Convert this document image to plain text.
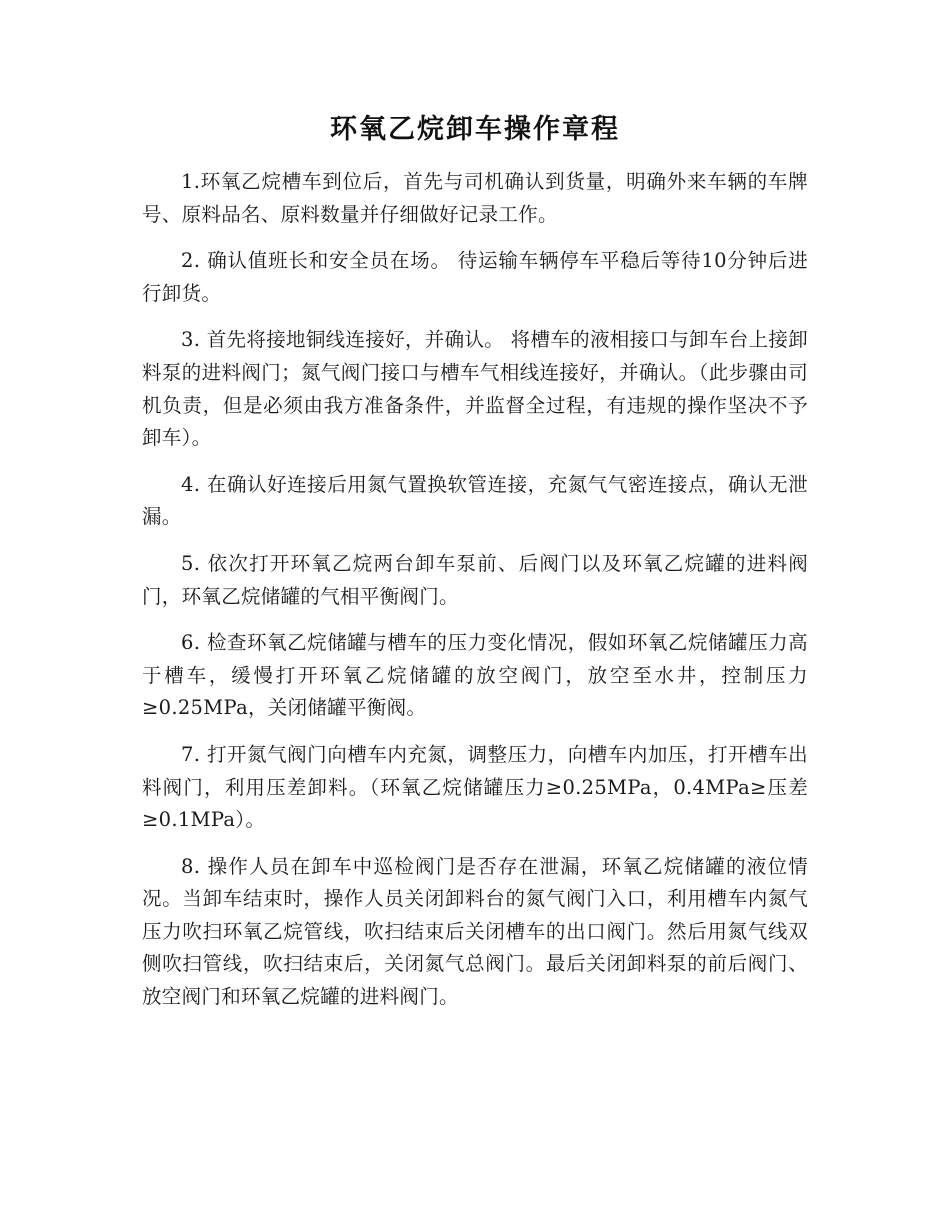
环氧乙烷卸车操作章程

1.环氧乙烷槽车到位后，首先与司机确认到货量，明确外来车辆的车牌号、原料品名、原料数量并仔细做好记录工作。

2. 确认值班长和安全员在场。 待运输车辆停车平稳后等待10分钟后进行卸货。

3. 首先将接地铜线连接好，并确认。 将槽车的液相接口与卸车台上接卸料泵的进料阀门；氮气阀门接口与槽车气相线连接好，并确认。（此步骤由司机负责，但是必须由我方准备条件，并监督全过程，有违规的操作坚决不予卸车）。

4. 在确认好连接后用氮气置换软管连接，充氮气气密连接点，确认无泄漏。

5. 依次打开环氧乙烷两台卸车泵前、后阀门以及环氧乙烷罐的进料阀门，环氧乙烷储罐的气相平衡阀门。

6. 检查环氧乙烷储罐与槽车的压力变化情况，假如环氧乙烷储罐压力高于槽车，缓慢打开环氧乙烷储罐的放空阀门，放空至水井，控制压力≥0.25MPa，关闭储罐平衡阀。

7. 打开氮气阀门向槽车内充氮，调整压力，向槽车内加压，打开槽车出料阀门，利用压差卸料。（环氧乙烷储罐压力≥0.25MPa，0.4MPa≥压差≥0.1MPa）。

8. 操作人员在卸车中巡检阀门是否存在泄漏，环氧乙烷储罐的液位情况。当卸车结束时，操作人员关闭卸料台的氮气阀门入口，利用槽车内氮气压力吹扫环氧乙烷管线，吹扫结束后关闭槽车的出口阀门。然后用氮气线双侧吹扫管线，吹扫结束后，关闭氮气总阀门。最后关闭卸料泵的前后阀门、放空阀门和环氧乙烷罐的进料阀门。
